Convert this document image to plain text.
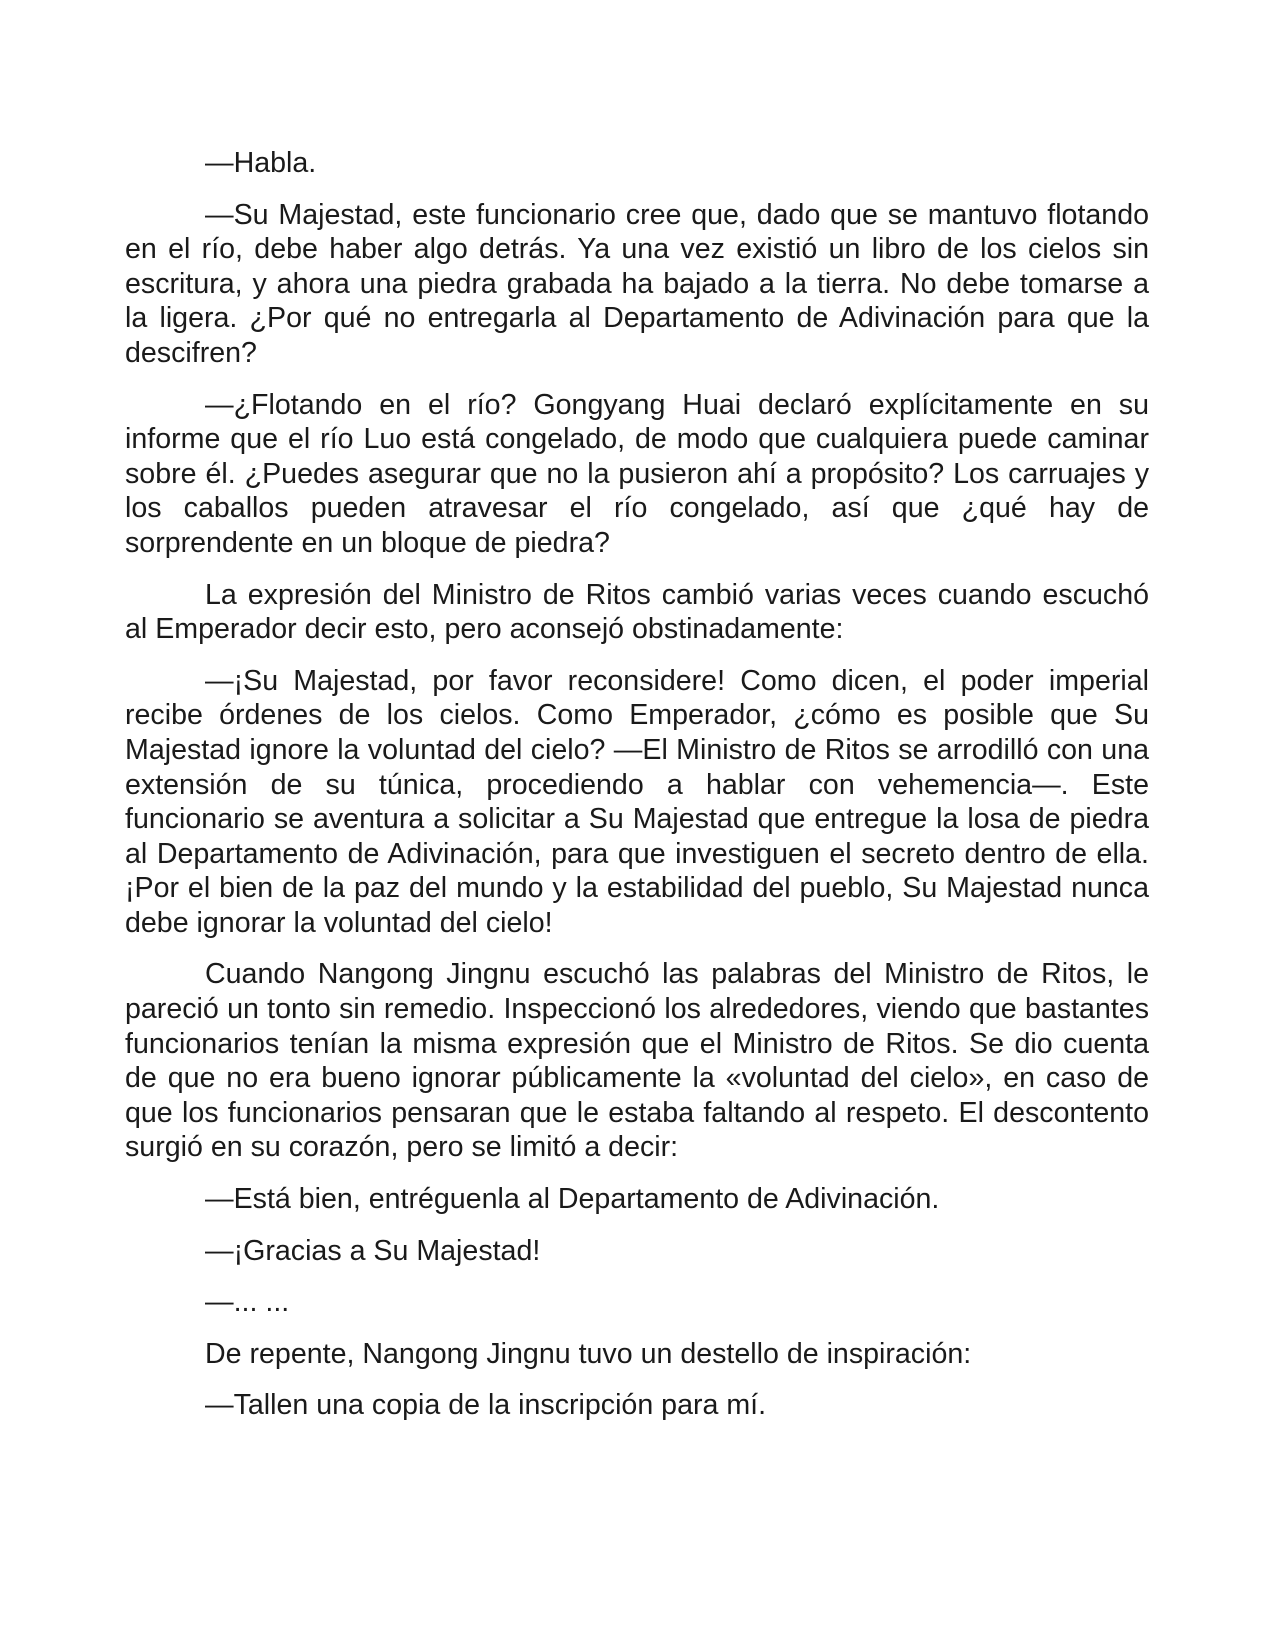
—Habla.

—Su Majestad, este funcionario cree que, dado que se mantuvo flotando en el río, debe haber algo detrás. Ya una vez existió un libro de los cielos sin escritura, y ahora una piedra grabada ha bajado a la tierra. No debe tomarse a la ligera. ¿Por qué no entregarla al Departamento de Adivinación para que la descifren?

—¿Flotando en el río? Gongyang Huai declaró explícitamente en su informe que el río Luo está congelado, de modo que cualquiera puede caminar sobre él. ¿Puedes asegurar que no la pusieron ahí a propósito? Los carruajes y los caballos pueden atravesar el río congelado, así que ¿qué hay de sorprendente en un bloque de piedra?

La expresión del Ministro de Ritos cambió varias veces cuando escuchó al Emperador decir esto, pero aconsejó obstinadamente:

—¡Su Majestad, por favor reconsidere! Como dicen, el poder imperial recibe órdenes de los cielos. Como Emperador, ¿cómo es posible que Su Majestad ignore la voluntad del cielo? —El Ministro de Ritos se arrodilló con una extensión de su túnica, procediendo a hablar con vehemencia—. Este funcionario se aventura a solicitar a Su Majestad que entregue la losa de piedra al Departamento de Adivinación, para que investiguen el secreto dentro de ella. ¡Por el bien de la paz del mundo y la estabilidad del pueblo, Su Majestad nunca debe ignorar la voluntad del cielo!

Cuando Nangong Jingnu escuchó las palabras del Ministro de Ritos, le pareció un tonto sin remedio. Inspeccionó los alrededores, viendo que bastantes funcionarios tenían la misma expresión que el Ministro de Ritos. Se dio cuenta de que no era bueno ignorar públicamente la «voluntad del cielo», en caso de que los funcionarios pensaran que le estaba faltando al respeto. El descontento surgió en su corazón, pero se limitó a decir:

—Está bien, entréguenla al Departamento de Adivinación.

—¡Gracias a Su Majestad!

—... ...

De repente, Nangong Jingnu tuvo un destello de inspiración:

—Tallen una copia de la inscripción para mí.
